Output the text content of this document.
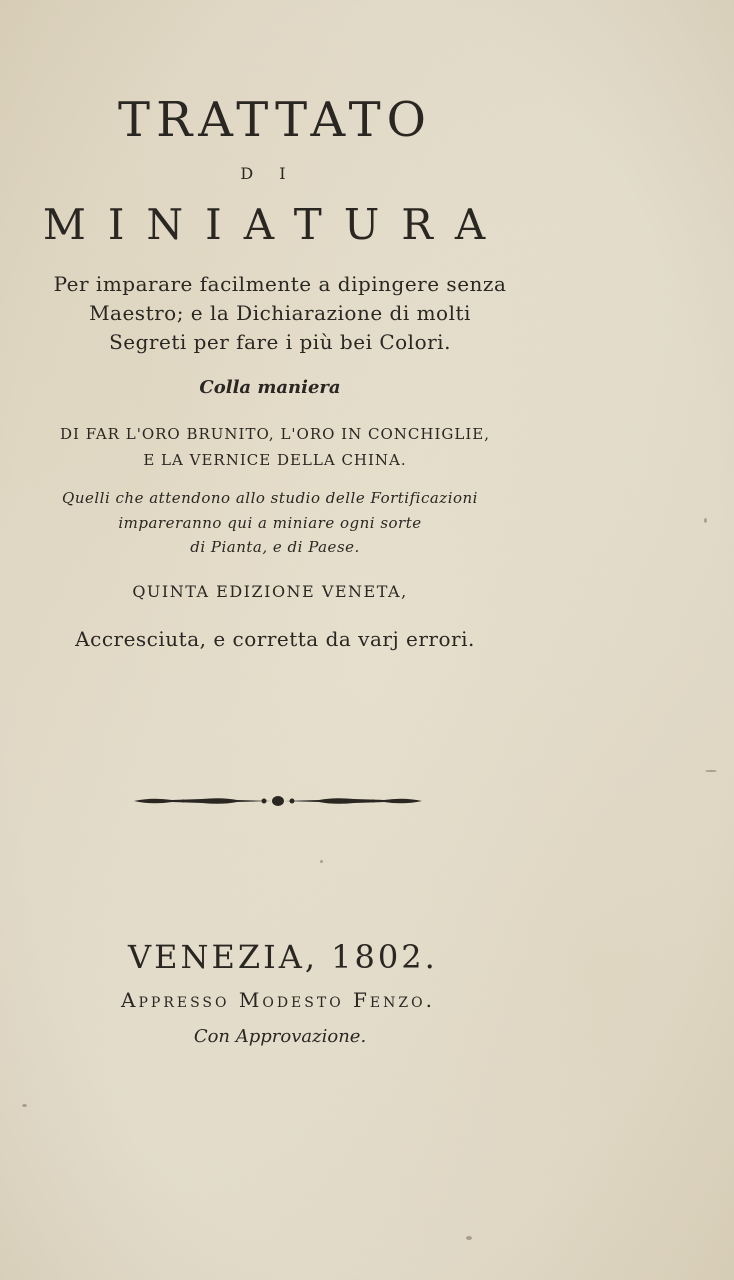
TRATTATO
DI
MINIATURA
Per imparare facilmente a dipingere senza
Maestro; e la Dichiarazione di molti
Segreti per fare i più bei Colori.
Colla maniera
DI FAR L'ORO BRUNITO, L'ORO IN CONCHIGLIE,
E LA VERNICE DELLA CHINA.
Quelli che attendono allo studio delle Fortificazioni
impareranno qui a miniare ogni sorte
di Pianta, e di Paese.
QUINTA EDIZIONE VENETA,
Accresciuta, e corretta da varj errori.
VENEZIA, 1802.
Appresso Modesto Fenzo.
Con Approvazione.
